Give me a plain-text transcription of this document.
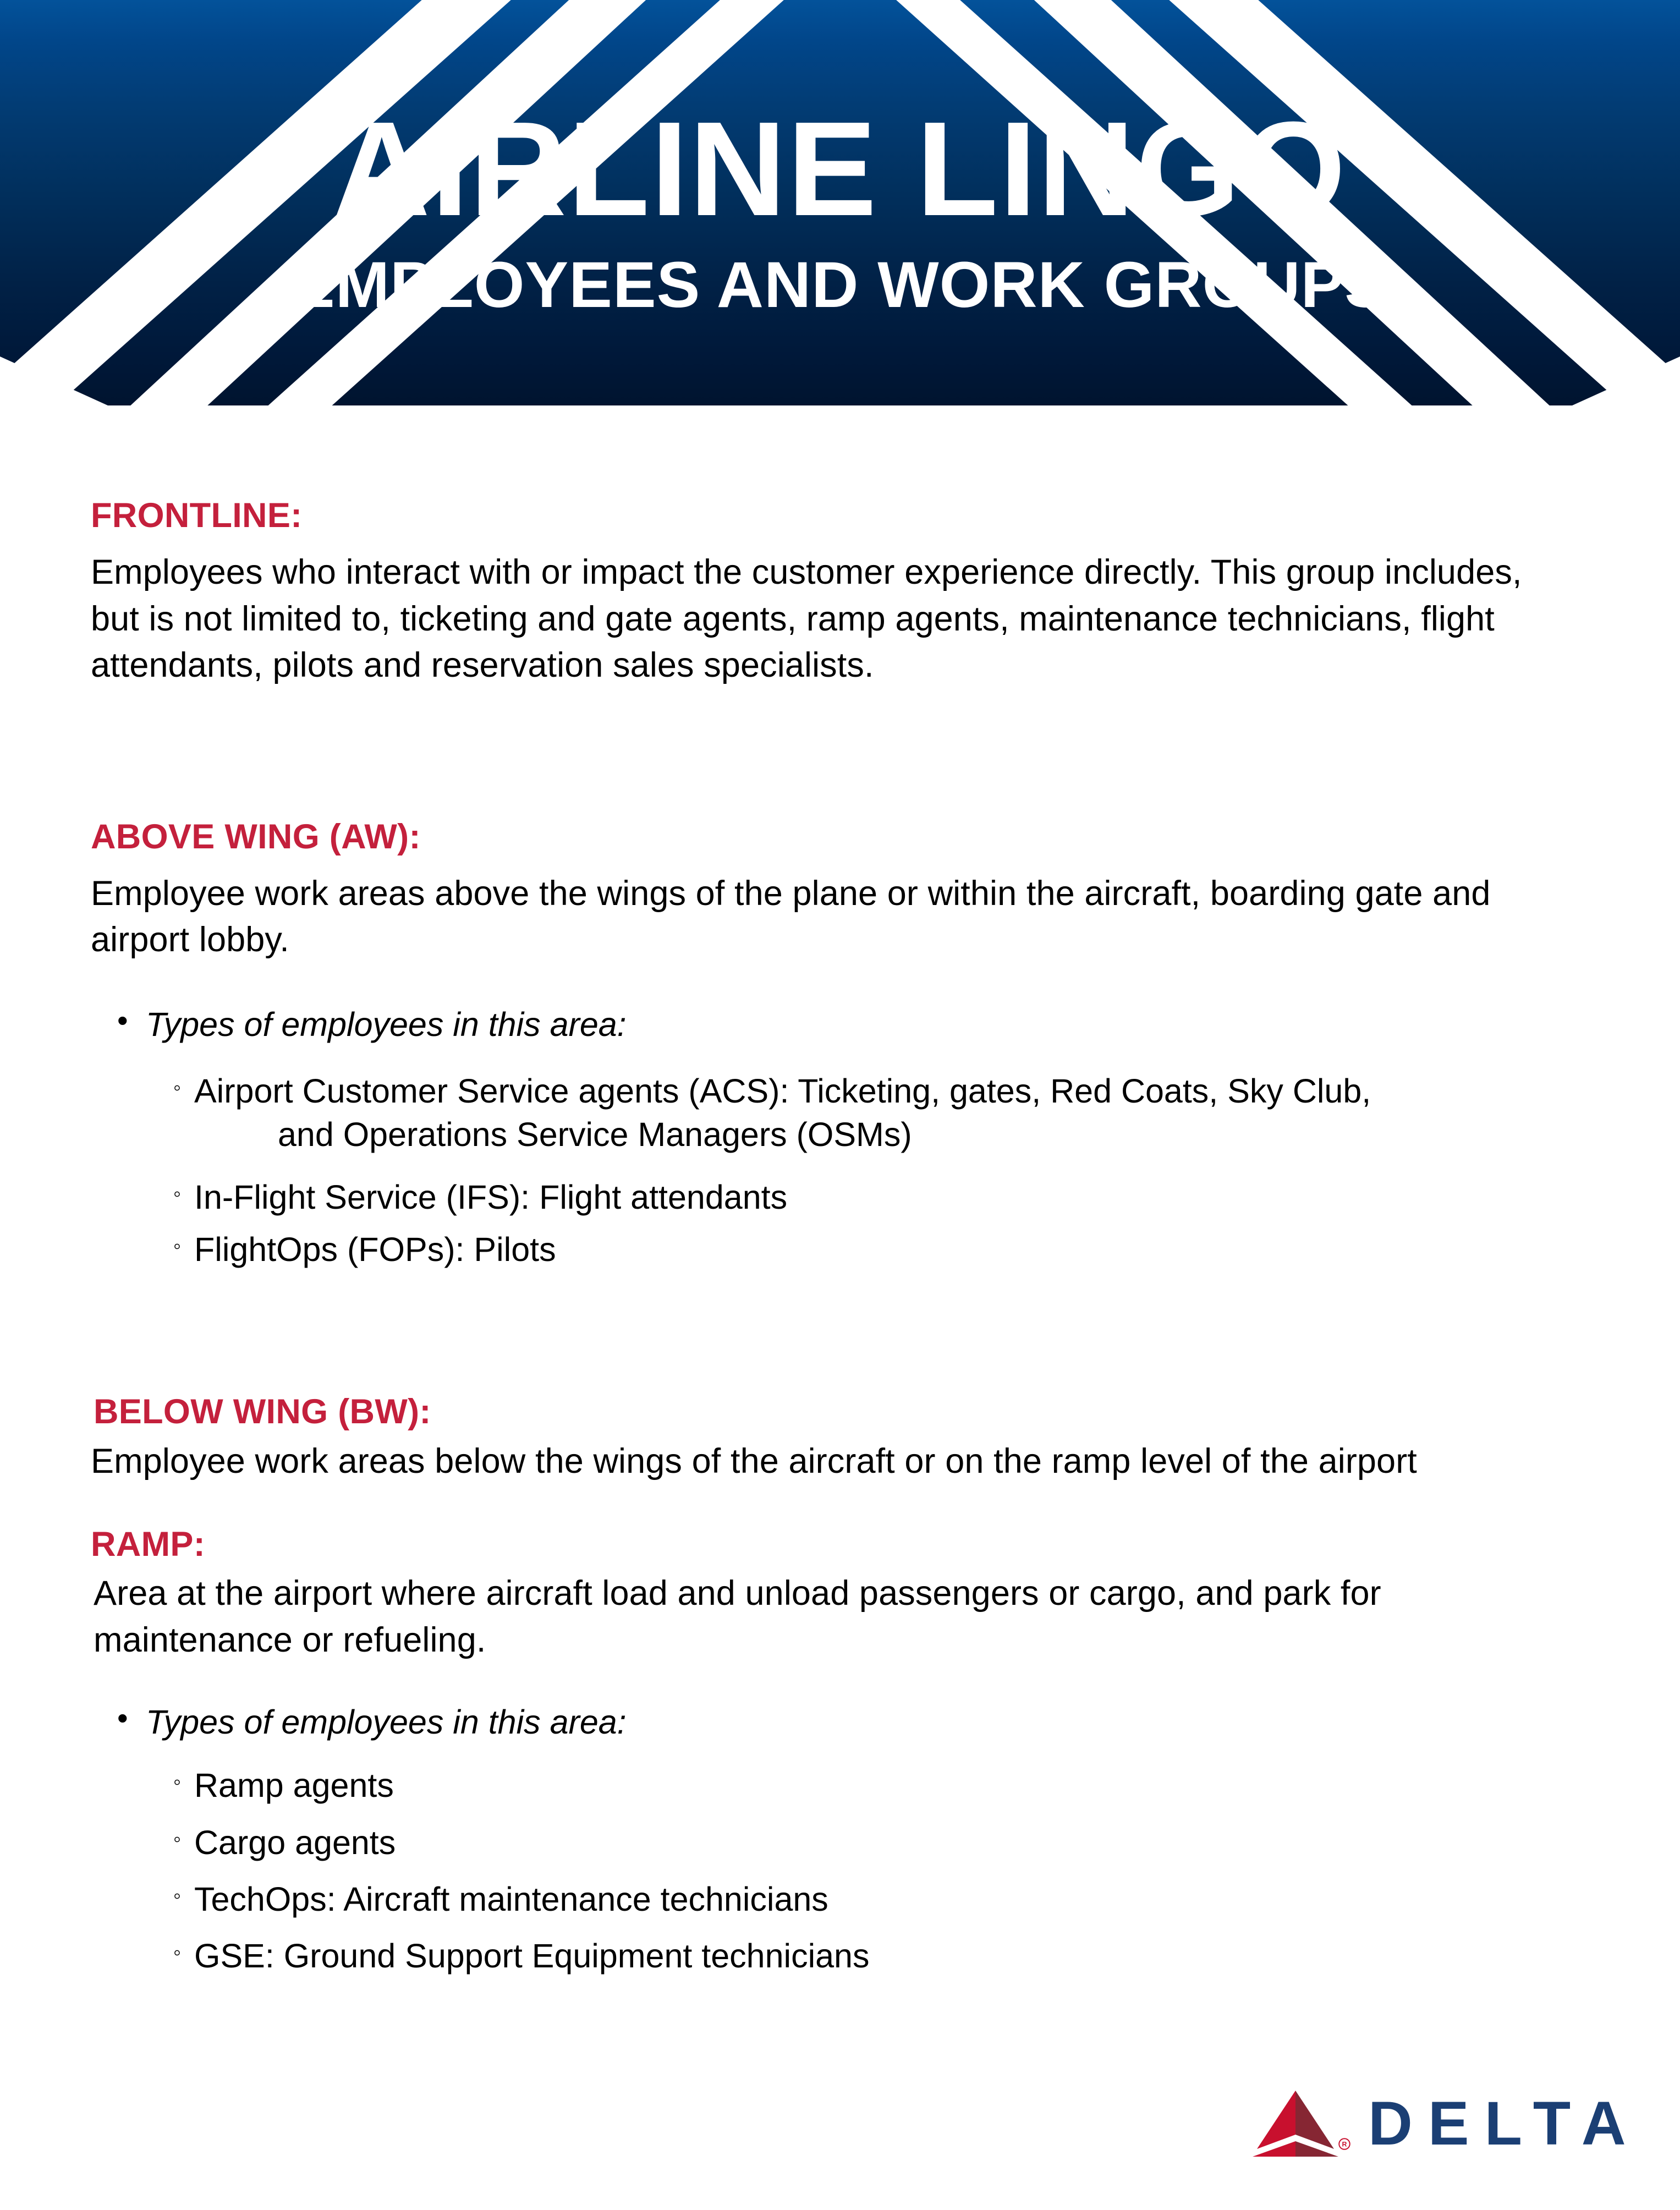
AIRLINE LINGO
EMPLOYEES AND WORK GROUPS
FRONTLINE:
Employees who interact with or impact the customer experience directly. This group includes, but is not limited to, ticketing and gate agents, ramp agents, maintenance technicians, flight attendants, pilots and reservation sales specialists.
ABOVE WING (AW):
Employee work areas above the wings of the plane or within the aircraft, boarding gate and airport lobby.
• Types of employees in this area:
◦ Airport Customer Service agents (ACS): Ticketing, gates, Red Coats, Sky Club,
and Operations Service Managers (OSMs)
◦ In-Flight Service (IFS): Flight attendants
◦ FlightOps (FOPs): Pilots
BELOW WING (BW):
Employee work areas below the wings of the aircraft or on the ramp level of the airport
RAMP:
Area at the airport where aircraft load and unload passengers or cargo, and park for maintenance or refueling.
• Types of employees in this area:
◦ Ramp agents
◦ Cargo agents
◦ TechOps: Aircraft maintenance technicians
◦ GSE: Ground Support Equipment technicians
R DELTA
